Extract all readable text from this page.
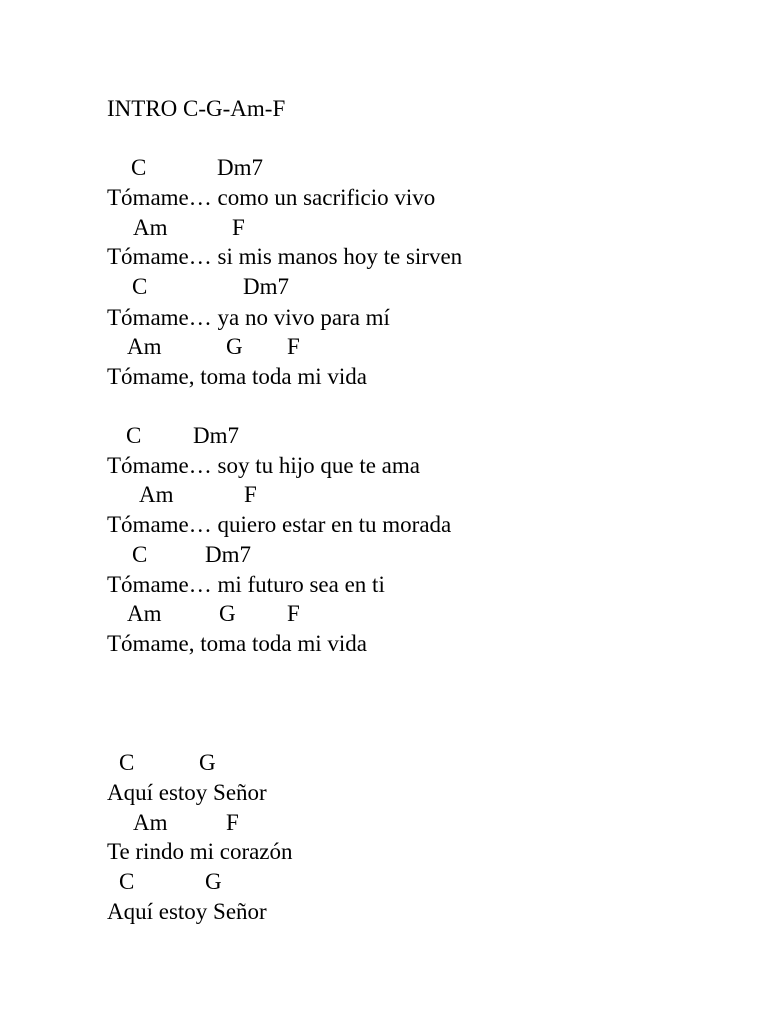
INTRO C-G-Am-F
C	Dm7
Tómame… como un sacrificio vivo
Am	F
Tómame… si mis manos hoy te sirven
C	Dm7
Tómame… ya no vivo para mí
Am	G F
Tómame, toma toda mi vida
C Dm7
Tómame… soy tu hijo que te ama
Am	F
Tómame… quiero estar en tu morada
C	Dm7
Tómame… mi futuro sea en ti
Am	G F
Tómame, toma toda mi vida
C	G
Aquí estoy Señor
Am	F
Te rindo mi corazón
C	G
Aquí estoy Señor
